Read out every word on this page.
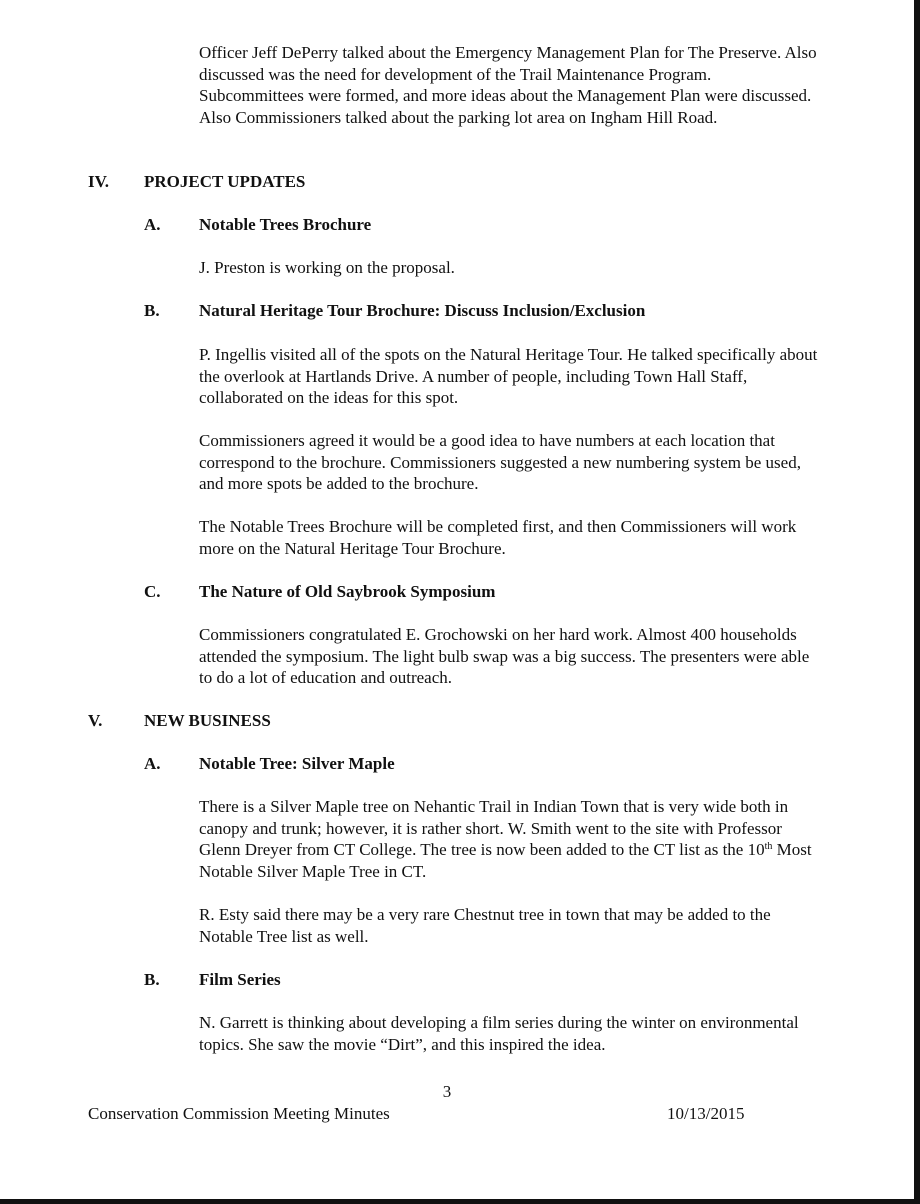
Officer Jeff DePerry talked about the Emergency Management Plan for The Preserve. Also discussed was the need for development of the Trail Maintenance Program. Subcommittees were formed, and more ideas about the Management Plan were discussed. Also Commissioners talked about the parking lot area on Ingham Hill Road.

IV. PROJECT UPDATES
A. Notable Trees Brochure

J. Preston is working on the proposal.

B. Natural Heritage Tour Brochure: Discuss Inclusion/Exclusion

P. Ingellis visited all of the spots on the Natural Heritage Tour. He talked specifically about the overlook at Hartlands Drive. A number of people, including Town Hall Staff, collaborated on the ideas for this spot.

Commissioners agreed it would be a good idea to have numbers at each location that correspond to the brochure. Commissioners suggested a new numbering system be used, and more spots be added to the brochure.

The Notable Trees Brochure will be completed first, and then Commissioners will work more on the Natural Heritage Tour Brochure.

C. The Nature of Old Saybrook Symposium

Commissioners congratulated E. Grochowski on her hard work. Almost 400 households attended the symposium. The light bulb swap was a big success. The presenters were able to do a lot of education and outreach.

V. NEW BUSINESS
A. Notable Tree: Silver Maple

There is a Silver Maple tree on Nehantic Trail in Indian Town that is very wide both in canopy and trunk; however, it is rather short. W. Smith went to the site with Professor Glenn Dreyer from CT College. The tree is now been added to the CT list as the 10th Most Notable Silver Maple Tree in CT.

R. Esty said there may be a very rare Chestnut tree in town that may be added to the Notable Tree list as well.

B. Film Series

N. Garrett is thinking about developing a film series during the winter on environmental topics. She saw the movie “Dirt”, and this inspired the idea.

3
Conservation Commission Meeting Minutes	10/13/2015
